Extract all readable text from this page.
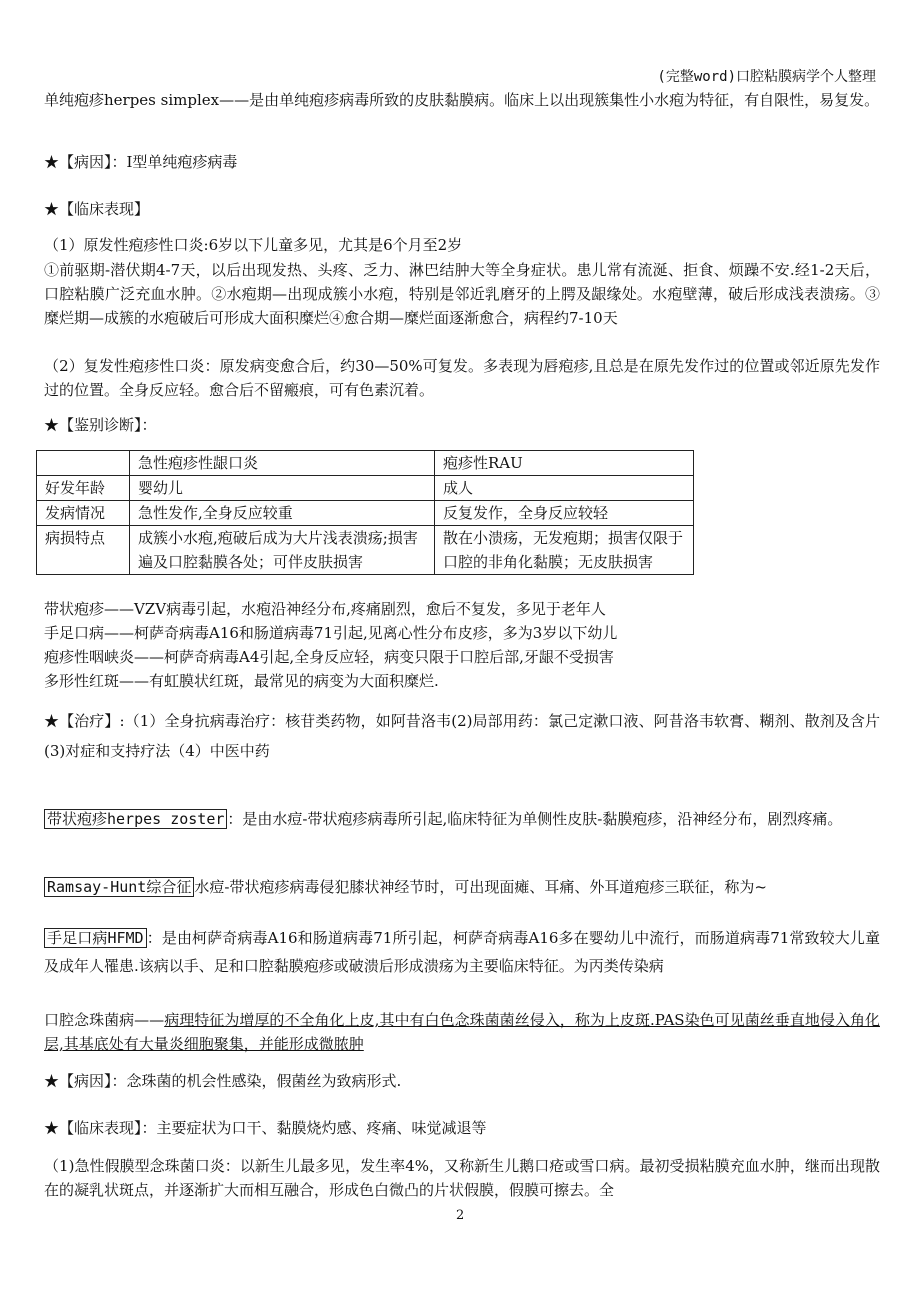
(完整word)口腔粘膜病学个人整理
单纯疱疹herpes simplex——是由单纯疱疹病毒所致的皮肤黏膜病。临床上以出现簇集性小水疱为特征，有自限性，易复发。
★【病因】：Ⅰ型单纯疱疹病毒
★【临床表现】
（1）原发性疱疹性口炎:6岁以下儿童多见，尤其是6个月至2岁
①前驱期-潜伏期4-7天，以后出现发热、头疼、乏力、淋巴结肿大等全身症状。患儿常有流涎、拒食、烦躁不安.经1-2天后，口腔粘膜广泛充血水肿。②水疱期—出现成簇小水疱，特别是邻近乳磨牙的上腭及龈缘处。水疱壁薄，破后形成浅表溃疡。③糜烂期—成簇的水疱破后可形成大面积糜烂④愈合期—糜烂面逐渐愈合，病程约7-10天
（2）复发性疱疹性口炎：原发病变愈合后，约30—50%可复发。多表现为唇疱疹,且总是在原先发作过的位置或邻近原先发作过的位置。全身反应轻。愈合后不留瘢痕，可有色素沉着。
★【鉴别诊断】：
	急性疱疹性龈口炎	疱疹性RAU
好发年龄	婴幼儿	成人
发病情况	急性发作,全身反应较重	反复发作，全身反应较轻
病损特点	成簇小水疱,疱破后成为大片浅表溃疡;损害遍及口腔黏膜各处；可伴皮肤损害	散在小溃疡，无发疱期；损害仅限于口腔的非角化黏膜；无皮肤损害
带状疱疹——VZV病毒引起，水疱沿神经分布,疼痛剧烈，愈后不复发，多见于老年人
手足口病——柯萨奇病毒A16和肠道病毒71引起,见离心性分布皮疹，多为3岁以下幼儿
疱疹性咽峡炎——柯萨奇病毒A4引起,全身反应轻，病变只限于口腔后部,牙龈不受损害
多形性红斑——有虹膜状红斑，最常见的病变为大面积糜烂.
★【治疗】:（1）全身抗病毒治疗：核苷类药物，如阿昔洛韦(2)局部用药：氯己定漱口液、阿昔洛韦软膏、糊剂、散剂及含片(3)对症和支持疗法（4）中医中药
带状疱疹herpes zoster ：是由水痘-带状疱疹病毒所引起,临床特征为单侧性皮肤-黏膜疱疹，沿神经分布，剧烈疼痛。
Ramsay-Hunt综合征 水痘-带状疱疹病毒侵犯膝状神经节时，可出现面瘫、耳痛、外耳道疱疹三联征，称为~
手足口病HFMD ：是由柯萨奇病毒A16和肠道病毒71所引起，柯萨奇病毒A16多在婴幼儿中流行，而肠道病毒71常致较大儿童及成年人罹患.该病以手、足和口腔黏膜疱疹或破溃后形成溃疡为主要临床特征。为丙类传染病
口腔念珠菌病——病理特征为增厚的不全角化上皮,其中有白色念珠菌菌丝侵入，称为上皮斑.PAS染色可见菌丝垂直地侵入角化层,其基底处有大量炎细胞聚集，并能形成微脓肿
★【病因】：念珠菌的机会性感染，假菌丝为致病形式.
★【临床表现】：主要症状为口干、黏膜烧灼感、疼痛、味觉减退等
（1)急性假膜型念珠菌口炎：以新生儿最多见，发生率4%，又称新生儿鹅口疮或雪口病。最初受损粘膜充血水肿，继而出现散在的凝乳状斑点，并逐渐扩大而相互融合，形成色白微凸的片状假膜，假膜可擦去。全
2
